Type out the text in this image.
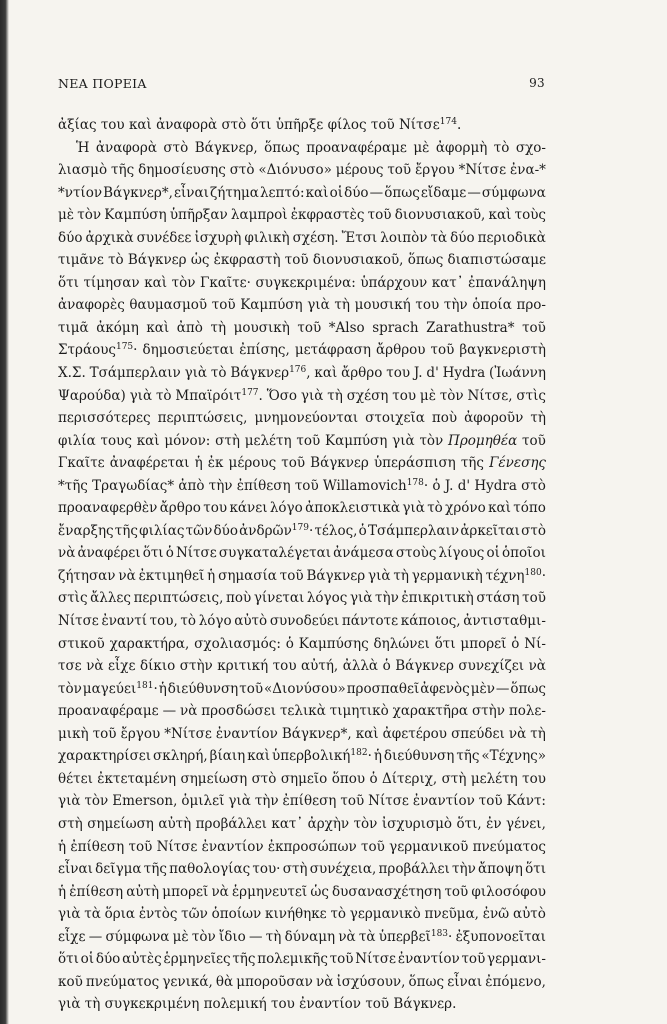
ΝΕΑ ΠΟΡΕΙΑ	93
ἀξίας του καὶ ἀναφορὰ στὸ ὅτι ὑπῆρξε φίλος τοῦ Νίτσε$^{174}$.
Ἡ ἀναφορὰ στὸ Βάγκνερ, ὅπως προαναφέραμε μὲ ἀφορμὴ τὸ σχο-
λιασμὸ τῆς δημοσίευσης στὸ «Διόνυσο» μέρους τοῦ ἔργου *Νίτσε ἐνα-*
*ντίον Βάγκνερ*, εἶναι ζήτημα λεπτό: καὶ οἱ δύο — ὅπως εἴδαμε — σύμφωνα
μὲ τὸν Καμπύση ὑπῆρξαν λαμπροὶ ἐκφραστὲς τοῦ διονυσιακοῦ, καὶ τοὺς
δύο ἀρχικὰ συνέδεε ἰσχυρὴ φιλικὴ σχέση. Ἔτσι λοιπὸν τὰ δύο περιοδικὰ
τιμᾶνε τὸ Βάγκνερ ὡς ἐκφραστὴ τοῦ διονυσιακοῦ, ὅπως διαπιστώσαμε
ὅτι τίμησαν καὶ τὸν Γκαῖτε· συγκεκριμένα: ὑπάρχουν κατ᾽ ἐπανάληψη
ἀναφορὲς θαυμασμοῦ τοῦ Καμπύση γιὰ τὴ μουσική του τὴν ὁποία προ-
τιμᾶ ἀκόμη καὶ ἀπὸ τὴ μουσικὴ τοῦ *Also sprach Zarathustra* τοῦ
Στράους$^{175}$· δημοσιεύεται ἐπίσης, μετάφραση ἄρθρου τοῦ βαγκνεριστὴ
Χ.Σ. Τσάμπερλαιν γιὰ τὸ Βάγκνερ$^{176}$, καὶ ἄρθρο του J. d' Hydra (Ἰωάννη
Ψαρούδα) γιὰ τὸ Μπαϊρόιτ$^{177}$. Ὅσο γιὰ τὴ σχέση του μὲ τὸν Νίτσε, στὶς
περισσότερες περιπτώσεις, μνημονεύονται στοιχεῖα ποὺ ἀφοροῦν τὴ
φιλία τους καὶ μόνον: στὴ μελέτη τοῦ Καμπύση γιὰ τὸν Προμηθέα τοῦ
Γκαῖτε ἀναφέρεται ἡ ἐκ μέρους τοῦ Βάγκνερ ὑπεράσπιση τῆς Γένεσης
*τῆς Τραγωδίας* ἀπὸ τὴν ἐπίθεση τοῦ Willamovich$^{178}$· ὁ J. d' Hydra στὸ
προαναφερθὲν ἄρθρο του κάνει λόγο ἀποκλειστικὰ γιὰ τὸ χρόνο καὶ τόπο
ἔναρξης τῆς φιλίας τῶν δύο ἀνδρῶν$^{179}$· τέλος, ὁ Τσάμπερλαιν ἀρκεῖται στὸ
νὰ ἀναφέρει ὅτι ὁ Νίτσε συγκαταλέγεται ἀνάμεσα στοὺς λίγους οἱ ὁποῖοι
ζήτησαν νὰ ἐκτιμηθεῖ ἡ σημασία τοῦ Βάγκνερ γιὰ τὴ γερμανικὴ τέχνη$^{180}$·
στὶς ἄλλες περιπτώσεις, ποὺ γίνεται λόγος γιὰ τὴν ἐπικριτικὴ στάση τοῦ
Νίτσε ἐναντί του, τὸ λόγο αὐτὸ συνοδεύει πάντοτε κάποιος, ἀντισταθμι-
στικοῦ χαρακτήρα, σχολιασμός: ὁ Καμπύσης δηλώνει ὅτι μπορεῖ ὁ Νί-
τσε νὰ εἶχε δίκιο στὴν κριτική του αὐτή, ἀλλὰ ὁ Βάγκνερ συνεχίζει νὰ
τὸν μαγεύει$^{181}$· ἡ διεύθυνση τοῦ «Διονύσου» προσπαθεῖ ἀφενὸς μὲν — ὅπως
προαναφέραμε — νὰ προσδώσει τελικὰ τιμητικὸ χαρακτῆρα στὴν πολε-
μικὴ τοῦ ἔργου *Νίτσε ἐναντίον Βάγκνερ*, καὶ ἀφετέρου σπεύδει νὰ τὴ
χαρακτηρίσει σκληρή, βίαιη καὶ ὑπερβολική$^{182}$· ἡ διεύθυνση τῆς «Τέχνης»
θέτει ἐκτεταμένη σημείωση στὸ σημεῖο ὅπου ὁ Δίτεριχ, στὴ μελέτη του
γιὰ τὸν Emerson, ὁμιλεῖ γιὰ τὴν ἐπίθεση τοῦ Νίτσε ἐναντίον τοῦ Κάντ:
στὴ σημείωση αὐτὴ προβάλλει κατ᾽ ἀρχὴν τὸν ἰσχυρισμὸ ὅτι, ἐν γένει,
ἡ ἐπίθεση τοῦ Νίτσε ἐναντίον ἐκπροσώπων τοῦ γερμανικοῦ πνεύματος
εἶναι δεῖγμα τῆς παθολογίας του· στὴ συνέχεια, προβάλλει τὴν ἄποψη ὅτι
ἡ ἐπίθεση αὐτὴ μπορεῖ νὰ ἑρμηνευτεῖ ὡς δυσανασχέτηση τοῦ φιλοσόφου
γιὰ τὰ ὅρια ἐντὸς τῶν ὁποίων κινήθηκε τὸ γερμανικὸ πνεῦμα, ἐνῶ αὐτὸ
εἶχε — σύμφωνα μὲ τὸν ἴδιο — τὴ δύναμη νὰ τὰ ὑπερβεῖ$^{183}$· ἐξυπονοεῖται
ὅτι οἱ δύο αὐτὲς ἑρμηνεῖες τῆς πολεμικῆς τοῦ Νίτσε ἐναντίον τοῦ γερμανι-
κοῦ πνεύματος γενικά, θὰ μποροῦσαν νὰ ἰσχύσουν, ὅπως εἶναι ἐπόμενο,
γιὰ τὴ συγκεκριμένη πολεμική του ἐναντίον τοῦ Βάγκνερ.
